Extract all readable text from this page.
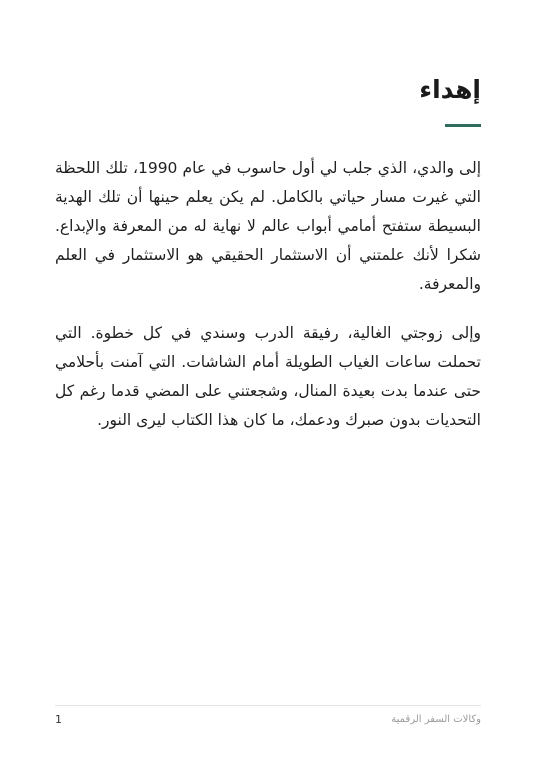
إهداء

إلى والدي، الذي جلب لي أول حاسوب في عام 1990، تلك اللحظة التي غيرت مسار حياتي بالكامل. لم يكن يعلم حينها أن تلك الهدية البسيطة ستفتح أمامي أبواب عالم لا نهاية له من المعرفة والإبداع. شكرا لأنك علمتني أن الاستثمار الحقيقي هو الاستثمار في العلم والمعرفة.

وإلى زوجتي الغالية، رفيقة الدرب وسندي في كل خطوة. التي تحملت ساعات الغياب الطويلة أمام الشاشات. التي آمنت بأحلامي حتى عندما بدت بعيدة المنال، وشجعتني على المضي قدما رغم كل التحديات بدون صبرك ودعمك، ما كان هذا الكتاب ليرى النور.

وكالات السفر الرقمية
1
